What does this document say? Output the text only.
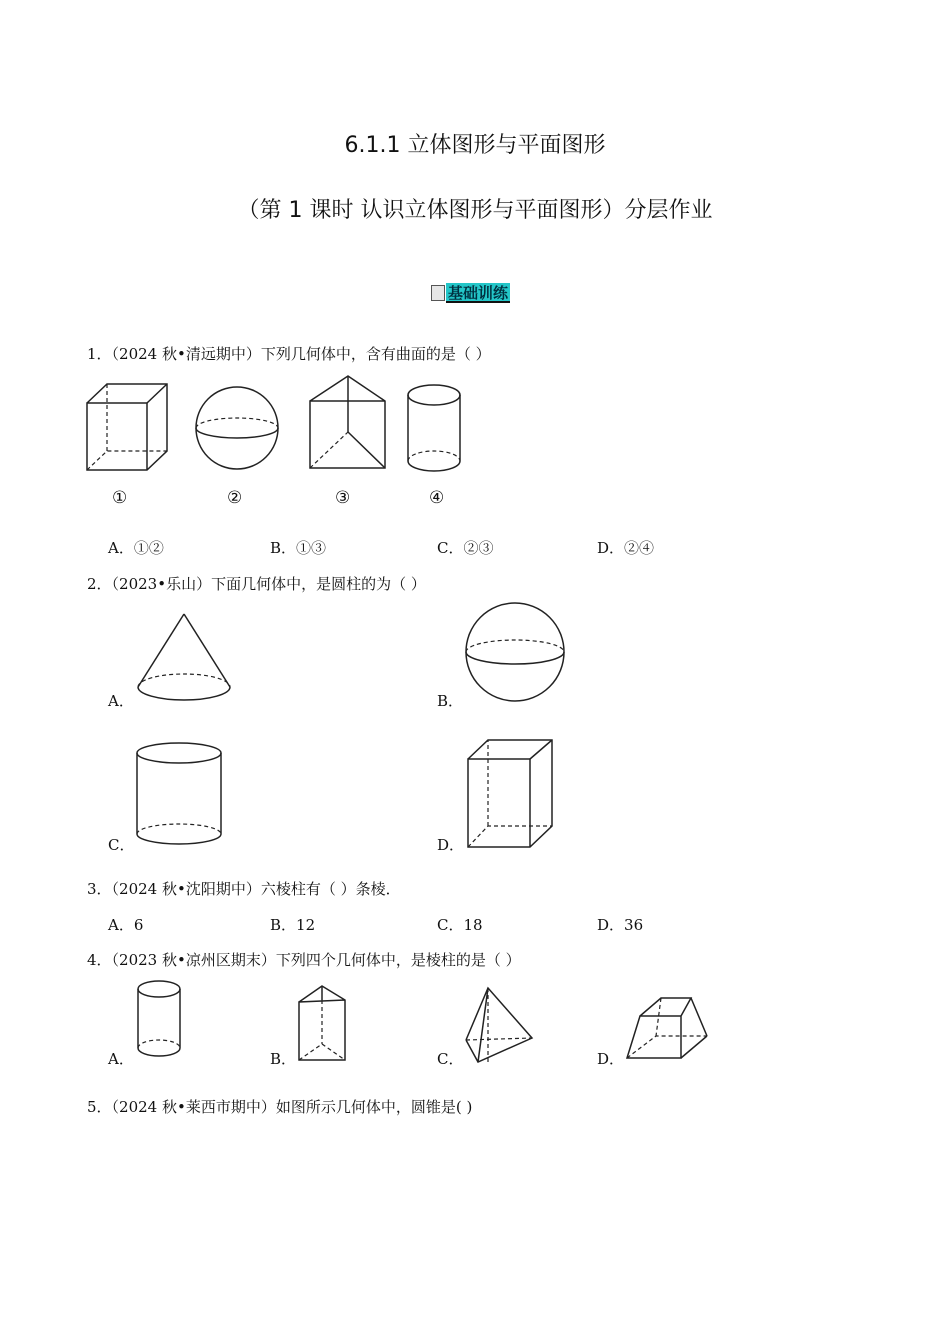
6.1.1 立体图形与平面图形
（第 1 课时 认识立体图形与平面图形）分层作业
基础训练
1．（2024 秋•清远期中）下列几何体中，含有曲面的是（ ）
①	②	③	④
A．①②	B．①③	C．②③	D．②④
2．（2023•乐山）下面几何体中，是圆柱的为（ ）
A．	B．
C．	D．
3．（2024 秋•沈阳期中）六棱柱有（ ）条棱．
A．6	B．12	C．18	D．36
4．（2023 秋•凉州区期末）下列四个几何体中，是棱柱的是（ ）
A．	B．	C．	D．
5．（2024 秋•莱西市期中）如图所示几何体中，圆锥是( )
